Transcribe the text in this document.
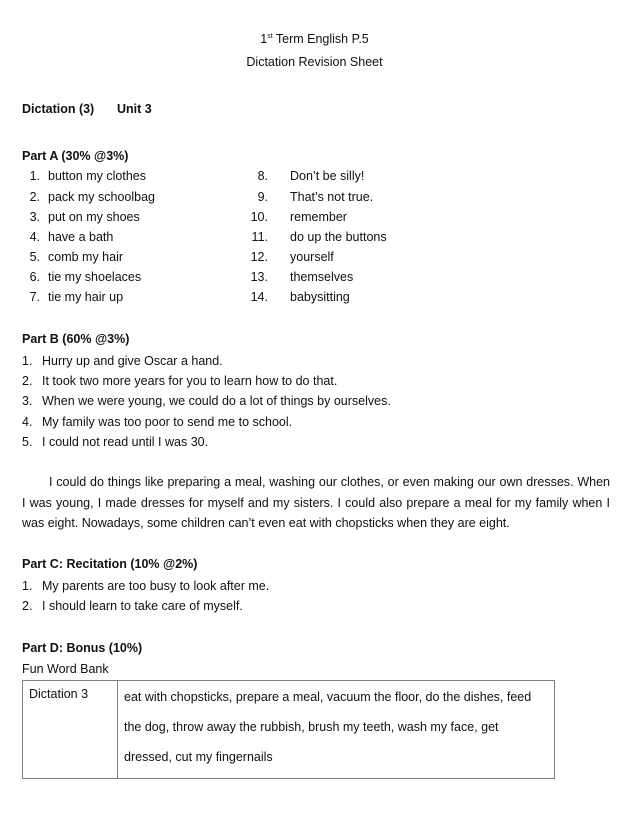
1st Term English P.5
Dictation Revision Sheet
Dictation (3) Unit 3
Part A (30% @3%)
1. button my clothes
2. pack my schoolbag
3. put on my shoes
4. have a bath
5. comb my hair
6. tie my shoelaces
7. tie my hair up
8. Don’t be silly!
9. That’s not true.
10. remember
11. do up the buttons
12. yourself
13. themselves
14. babysitting
Part B (60% @3%)
1. Hurry up and give Oscar a hand.
2. It took two more years for you to learn how to do that.
3. When we were young, we could do a lot of things by ourselves.
4. My family was too poor to send me to school.
5. I could not read until I was 30.
I could do things like preparing a meal, washing our clothes, or even making our own dresses. When I was young, I made dresses for myself and my sisters. I could also prepare a meal for my family when I was eight. Nowadays, some children can’t even eat with chopsticks when they are eight.
Part C: Recitation (10% @2%)
1. My parents are too busy to look after me.
2. I should learn to take care of myself.
Part D: Bonus (10%)
Fun Word Bank
Dictation 3	eat with chopsticks, prepare a meal, vacuum the floor, do the dishes, feed the dog, throw away the rubbish, brush my teeth, wash my face, get dressed, cut my fingernails
